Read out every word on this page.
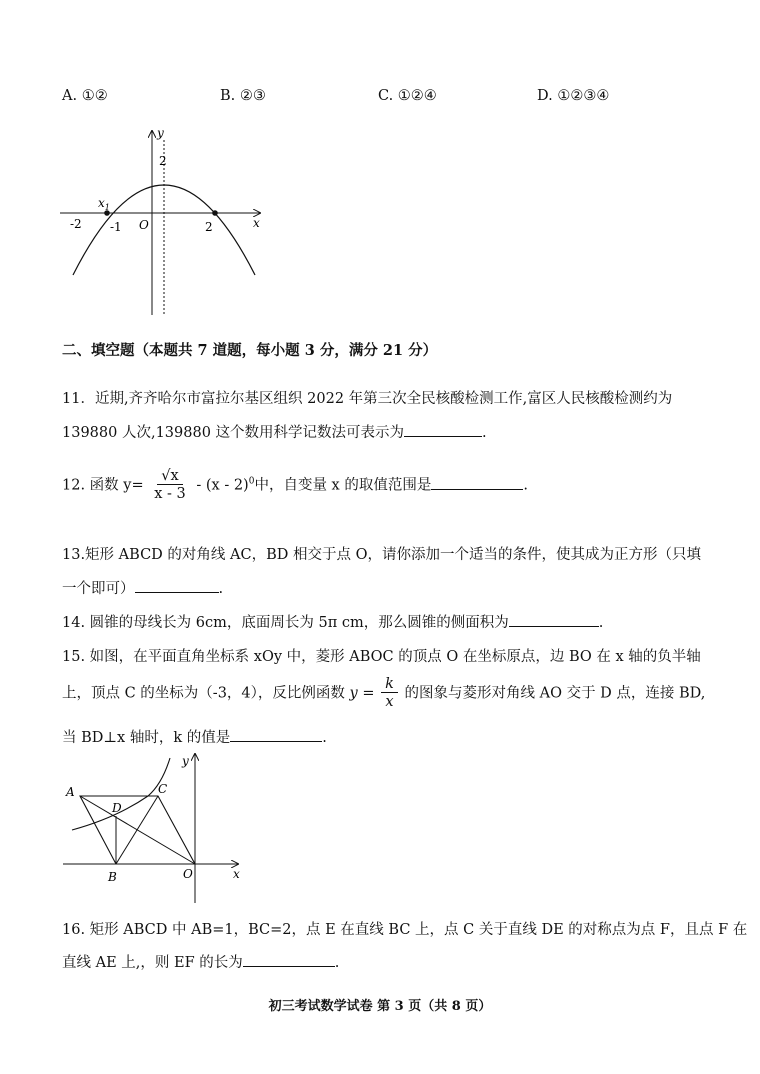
A. ①②	B. ②③	C. ①②④	D. ①②③④
y
x
2
-2 -1	2
O
$x_1$
二、填空题（本题共 7 道题，每小题 3 分，满分 21 分）
11．近期,齐齐哈尔市富拉尔基区组织 2022 年第三次全民核酸检测工作,富区人民核酸检测约为
139880 人次,139880 这个数用科学记数法可表示为	.
12. 函数 $y= \frac{√x}{x - 3} - (x - 2)^0$中，自变量 x 的取值范围是	.
13.矩形 ABCD 的对角线 AC，BD 相交于点 O，请你添加一个适当的条件，使其成为正方形（只填
一个即可）	.
14. 圆锥的母线长为 6cm，底面周长为 5π cm，那么圆锥的侧面积为	.
15. 如图，在平面直角坐标系 xOy 中，菱形 ABOC 的顶点 O 在坐标原点，边 BO 在 x 轴的负半轴
上，顶点 C 的坐标为（-3，4），反比例函数 $y = \frac{k}{x}$ 的图象与菱形对角线 AO 交于 D 点，连接 BD,
当 BD⊥x 轴时，k 的值是	.
A	C
D
B	O
y
x
16. 矩形 ABCD 中 AB=1，BC=2，点 E 在直线 BC 上，点 C 关于直线 DE 的对称点为点 F，且点 F 在
直线 AE 上,，则 EF 的长为	.
初三考试数学试卷 第 3 页（共 8 页）
